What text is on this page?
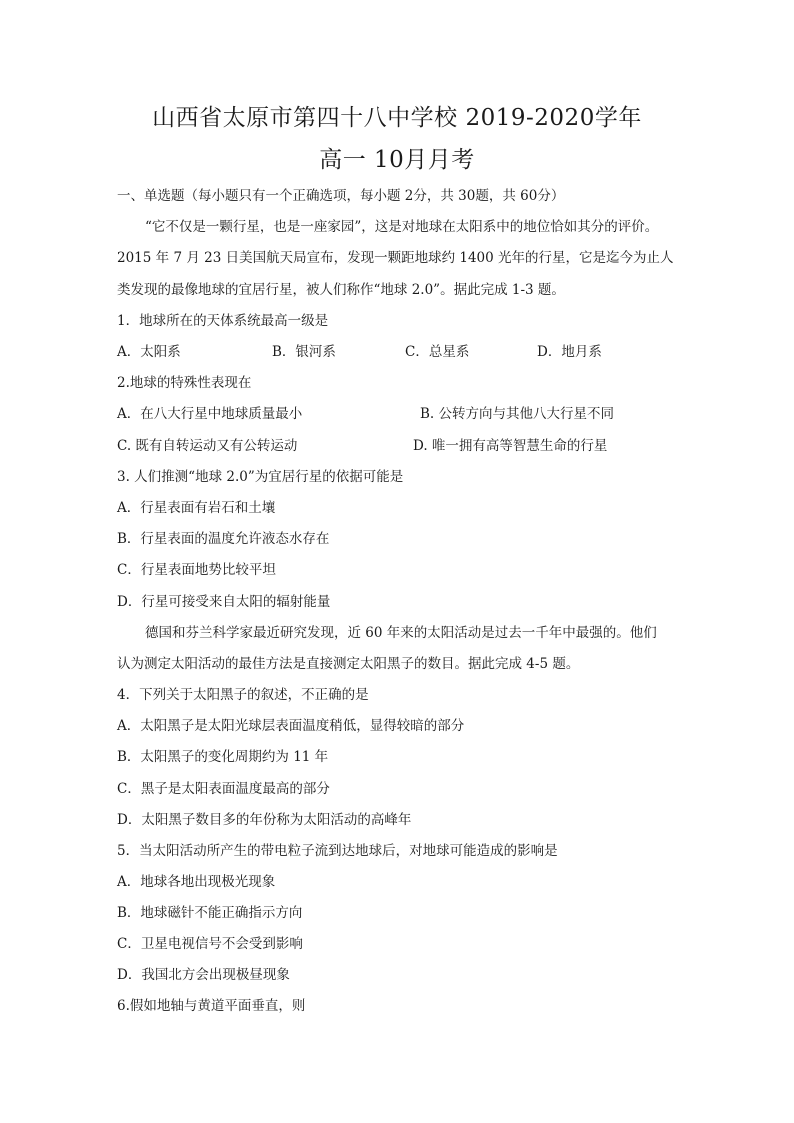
山西省太原市第四十八中学校 2019-2020学年
高一 10月月考
一、单选题（每小题只有一个正确选项，每小题 2分，共 30题，共 60分）
“它不仅是一颗行星，也是一座家园”，这是对地球在太阳系中的地位恰如其分的评价。
2015 年 7 月 23 日美国航天局宣布，发现一颗距地球约 1400 光年的行星，它是迄今为止人
类发现的最像地球的宜居行星，被人们称作“地球 2.0”。据此完成 1-3 题。
1．地球所在的天体系统最高一级是
A．太阳系	B．银河系	C．总星系	D．地月系
2.地球的特殊性表现在
A．在八大行星中地球质量最小	B. 公转方向与其他八大行星不同
C. 既有自转运动又有公转运动	D. 唯一拥有高等智慧生命的行星
3. 人们推测“地球 2.0”为宜居行星的依据可能是
A．行星表面有岩石和土壤
B．行星表面的温度允许液态水存在
C．行星表面地势比较平坦
D．行星可接受来自太阳的辐射能量
德国和芬兰科学家最近研究发现，近 60 年来的太阳活动是过去一千年中最强的。他们
认为测定太阳活动的最佳方法是直接测定太阳黑子的数目。据此完成 4-5 题。
4．下列关于太阳黑子的叙述，不正确的是
A．太阳黑子是太阳光球层表面温度稍低，显得较暗的部分
B．太阳黑子的变化周期约为 11 年
C．黑子是太阳表面温度最高的部分
D．太阳黑子数目多的年份称为太阳活动的高峰年
5．当太阳活动所产生的带电粒子流到达地球后，对地球可能造成的影响是
A．地球各地出现极光现象
B．地球磁针不能正确指示方向
C．卫星电视信号不会受到影响
D．我国北方会出现极昼现象
6.假如地轴与黄道平面垂直，则
